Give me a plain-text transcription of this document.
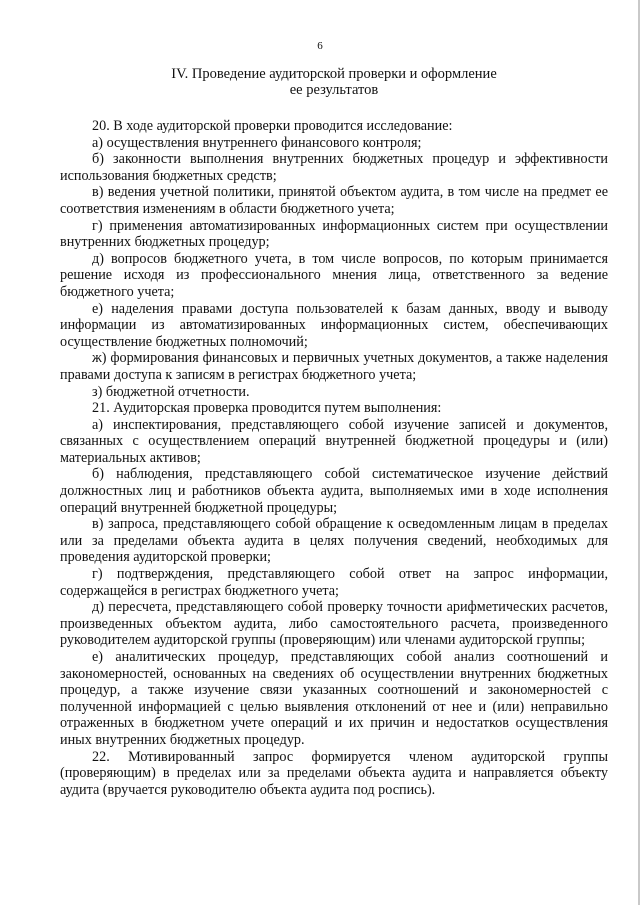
6
IV. Проведение аудиторской проверки и оформление
ее результатов

20. В ходе аудиторской проверки проводится исследование:

а) осуществления внутреннего финансового контроля;

б) законности выполнения внутренних бюджетных процедур и эффективности использования бюджетных средств;

в) ведения учетной политики, принятой объектом аудита, в том числе на предмет ее соответствия изменениям в области бюджетного учета;

г) применения автоматизированных информационных систем при осуществлении внутренних бюджетных процедур;

д) вопросов бюджетного учета, в том числе вопросов, по которым принимается решение исходя из профессионального мнения лица, ответственного за ведение бюджетного учета;

е) наделения правами доступа пользователей к базам данных, вводу и выводу информации из автоматизированных информационных систем, обеспечивающих осуществление бюджетных полномочий;

ж) формирования финансовых и первичных учетных документов, а также наделения правами доступа к записям в регистрах бюджетного учета;

з) бюджетной отчетности.

21. Аудиторская проверка проводится путем выполнения:

а) инспектирования, представляющего собой изучение записей и документов, связанных с осуществлением операций внутренней бюджетной процедуры и (или) материальных активов;

б) наблюдения, представляющего собой систематическое изучение действий должностных лиц и работников объекта аудита, выполняемых ими в ходе исполнения операций внутренней бюджетной процедуры;

в) запроса, представляющего собой обращение к осведомленным лицам в пределах или за пределами объекта аудита в целях получения сведений, необходимых для проведения аудиторской проверки;

г) подтверждения, представляющего собой ответ на запрос информации, содержащейся в регистрах бюджетного учета;

д) пересчета, представляющего собой проверку точности арифметических расчетов, произведенных объектом аудита, либо самостоятельного расчета, произведенного руководителем аудиторской группы (проверяющим) или членами аудиторской группы;

е) аналитических процедур, представляющих собой анализ соотношений и закономерностей, основанных на сведениях об осуществлении внутренних бюджетных процедур, а также изучение связи указанных соотношений и закономерностей с полученной информацией с целью выявления отклонений от нее и (или) неправильно отраженных в бюджетном учете операций и их причин и недостатков осуществления иных внутренних бюджетных процедур.

22. Мотивированный запрос формируется членом аудиторской группы (проверяющим) в пределах или за пределами объекта аудита и направляется объекту аудита (вручается руководителю объекта аудита под роспись).
